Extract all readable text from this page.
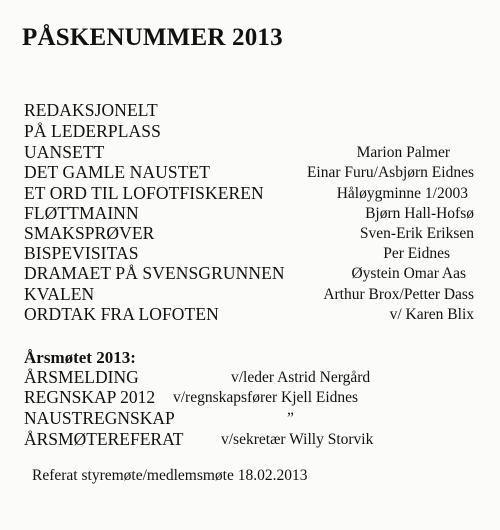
PÅSKENUMMER 2013
REDAKSJONELT
PÅ LEDERPLASS
UANSETT	Marion Palmer
DET GAMLE NAUSTET	Einar Furu/Asbjørn Eidnes
ET ORD TIL LOFOTFISKEREN	Håløygminne 1/2003
FLØTTMAINN	Bjørn Hall-Hofsø
SMAKSPRØVER	Sven-Erik Eriksen
BISPEVISITAS	Per Eidnes
DRAMAET PÅ SVENSGRUNNEN	Øystein Omar Aas
KVALEN	Arthur Brox/Petter Dass
ORDTAK FRA LOFOTEN	v/ Karen Blix
Årsmøtet 2013:
ÅRSMELDING	v/leder Astrid Nergård
REGNSKAP 2012 v/regnskapsfører Kjell Eidnes
NAUSTREGNSKAP	”
ÅRSMØTEREFERAT v/sekretær Willy Storvik
Referat styremøte/medlemsmøte 18.02.2013
